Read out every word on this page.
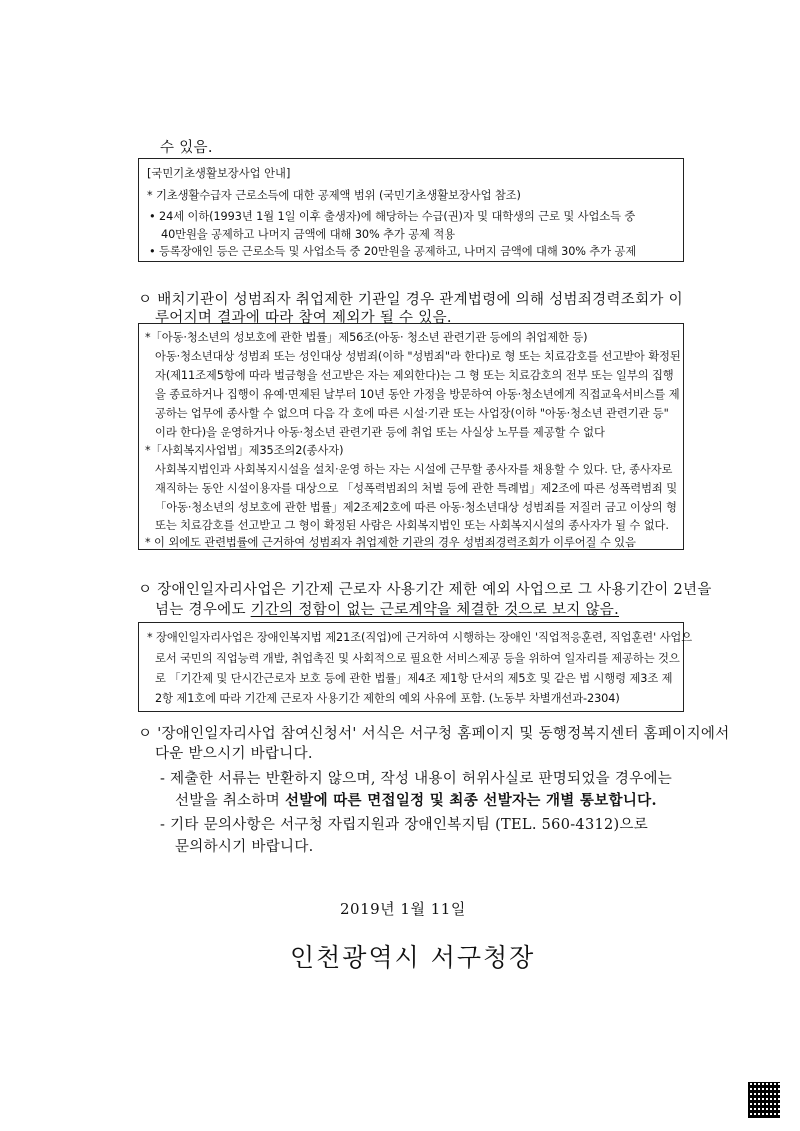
수 있음.
[국민기초생활보장사업 안내]
* 기초생활수급자 근로소득에 대한 공제액 범위 (국민기초생활보장사업 참조)
• 24세 이하(1993년 1월 1일 이후 출생자)에 해당하는 수급(권)자 및 대학생의 근로 및 사업소득 중
40만원을 공제하고 나머지 금액에 대해 30% 추가 공제 적용
• 등록장애인 등은 근로소득 및 사업소득 중 20만원을 공제하고, 나머지 금액에 대해 30% 추가 공제
ㅇ 배치기관이 성범죄자 취업제한 기관일 경우 관계법령에 의해 성범죄경력조회가 이
루어지며 결과에 따라 참여 제외가 될 수 있음.
*「아동·청소년의 성보호에 관한 법률」제56조(아동· 청소년 관련기관 등에의 취업제한 등)
아동·청소년대상 성범죄 또는 성인대상 성범죄(이하 "성범죄"라 한다)로 형 또는 치료감호를 선고받아 확정된
자(제11조제5항에 따라 벌금형을 선고받은 자는 제외한다)는 그 형 또는 치료감호의 전부 또는 일부의 집행
을 종료하거나 집행이 유예·면제된 날부터 10년 동안 가정을 방문하여 아동·청소년에게 직접교육서비스를 제
공하는 업무에 종사할 수 없으며 다음 각 호에 따른 시설·기관 또는 사업장(이하 "아동·청소년 관련기관 등"
이라 한다)을 운영하거나 아동·청소년 관련기관 등에 취업 또는 사실상 노무를 제공할 수 없다
*「사회복지사업법」제35조의2(종사자)
사회복지법인과 사회복지시설을 설치·운영 하는 자는 시설에 근무할 종사자를 채용할 수 있다. 단, 종사자로
재직하는 동안 시설이용자를 대상으로 「성폭력범죄의 처벌 등에 관한 특례법」제2조에 따른 성폭력범죄 및
「아동·청소년의 성보호에 관한 법률」제2조제2호에 따른 아동·청소년대상 성범죄를 저질러 금고 이상의 형
또는 치료감호를 선고받고 그 형이 확정된 사람은 사회복지법인 또는 사회복지시설의 종사자가 될 수 없다.
* 이 외에도 관련법률에 근거하여 성범죄자 취업제한 기관의 경우 성범죄경력조회가 이루어질 수 있음
ㅇ 장애인일자리사업은 기간제 근로자 사용기간 제한 예외 사업으로 그 사용기간이 2년을
넘는 경우에도 기간의 정함이 없는 근로계약을 체결한 것으로 보지 않음.
* 장애인일자리사업은 장애인복지법 제21조(직업)에 근거하여 시행하는 장애인 '직업적응훈련, 직업훈련' 사업으
로서 국민의 직업능력 개발, 취업촉진 및 사회적으로 필요한 서비스제공 등을 위하여 일자리를 제공하는 것으
로 「기간제 및 단시간근로자 보호 등에 관한 법률」제4조 제1항 단서의 제5호 및 같은 법 시행령 제3조 제
2항 제1호에 따라 기간제 근로자 사용기간 제한의 예외 사유에 포함. (노동부 차별개선과-2304)
ㅇ '장애인일자리사업 참여신청서' 서식은 서구청 홈페이지 및 동행정복지센터 홈페이지에서
다운 받으시기 바랍니다.
- 제출한 서류는 반환하지 않으며, 작성 내용이 허위사실로 판명되었을 경우에는
선발을 취소하며 선발에 따른 면접일정 및 최종 선발자는 개별 통보합니다.
- 기타 문의사항은 서구청 자립지원과 장애인복지팀 (TEL. 560-4312)으로
문의하시기 바랍니다.
2019년 1월 11일
인천광역시 서구청장
